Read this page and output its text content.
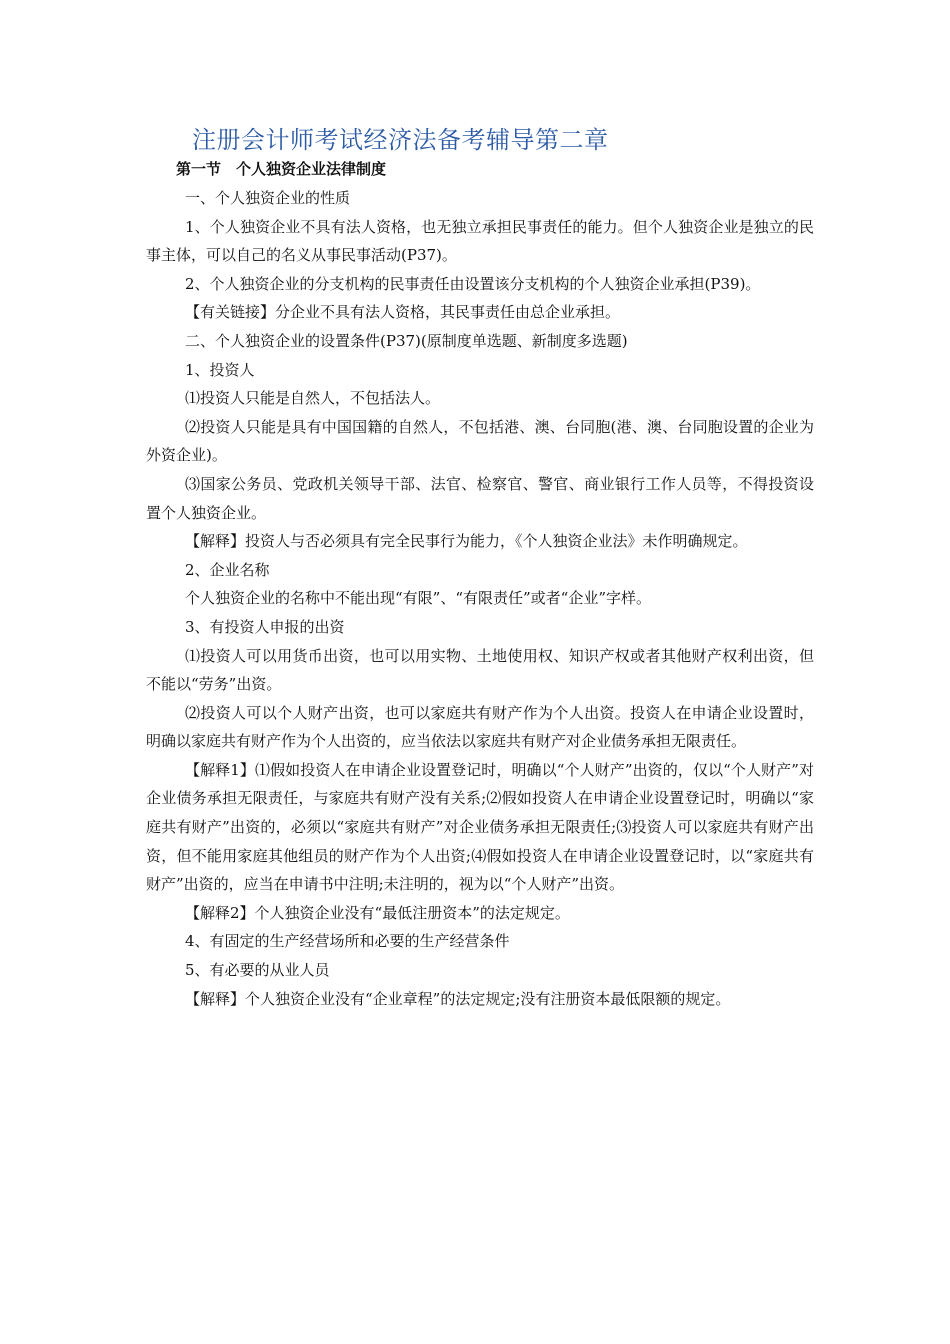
注册会计师考试经济法备考辅导第二章
第一节　个人独资企业法律制度

一、个人独资企业的性质

1、个人独资企业不具有法人资格，也无独立承担民事责任的能力。但个人独资企业是独立的民事主体，可以自己的名义从事民事活动(P37)。

2、个人独资企业的分支机构的民事责任由设置该分支机构的个人独资企业承担(P39)。

【有关链接】分企业不具有法人资格，其民事责任由总企业承担。

二、个人独资企业的设置条件(P37)(原制度单选题、新制度多选题)

1、投资人

⑴投资人只能是自然人，不包括法人。

⑵投资人只能是具有中国国籍的自然人，不包括港、澳、台同胞(港、澳、台同胞设置的企业为外资企业)。

⑶国家公务员、党政机关领导干部、法官、检察官、警官、商业银行工作人员等，不得投资设置个人独资企业。

【解释】投资人与否必须具有完全民事行为能力，《个人独资企业法》未作明确规定。

2、企业名称

个人独资企业的名称中不能出现“有限”、“有限责任”或者“企业”字样。

3、有投资人申报的出资

⑴投资人可以用货币出资，也可以用实物、土地使用权、知识产权或者其他财产权利出资，但不能以“劳务”出资。

⑵投资人可以个人财产出资，也可以家庭共有财产作为个人出资。投资人在申请企业设置时，明确以家庭共有财产作为个人出资的，应当依法以家庭共有财产对企业债务承担无限责任。

【解释1】⑴假如投资人在申请企业设置登记时，明确以“个人财产”出资的，仅以“个人财产”对企业债务承担无限责任，与家庭共有财产没有关系;⑵假如投资人在申请企业设置登记时，明确以“家庭共有财产”出资的，必须以“家庭共有财产”对企业债务承担无限责任;⑶投资人可以家庭共有财产出资，但不能用家庭其他组员的财产作为个人出资;⑷假如投资人在申请企业设置登记时，以“家庭共有财产”出资的，应当在申请书中注明;未注明的，视为以“个人财产”出资。

【解释2】个人独资企业没有“最低注册资本”的法定规定。

4、有固定的生产经营场所和必要的生产经营条件

5、有必要的从业人员

【解释】个人独资企业没有“企业章程”的法定规定;没有注册资本最低限额的规定。
